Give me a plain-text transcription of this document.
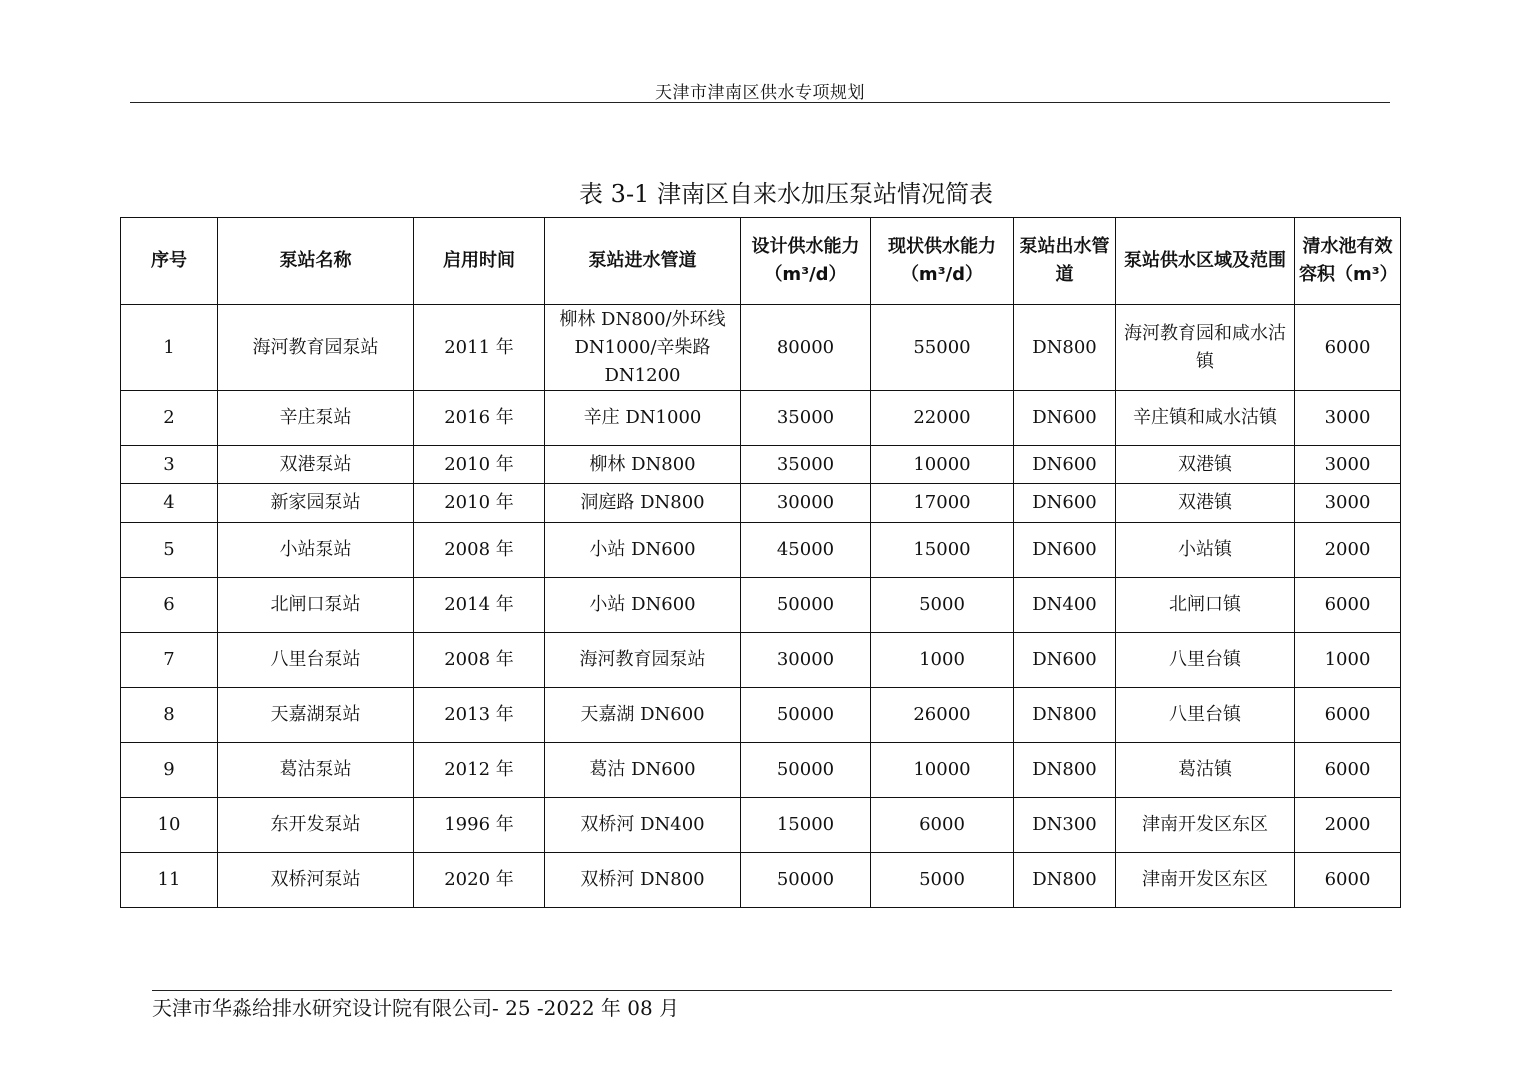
天津市津南区供水专项规划
表 3-1 津南区自来水加压泵站情况简表
序号	泵站名称	启用时间	泵站进水管道	设计供水能力（m³/d）	现状供水能力（m³/d）	泵站出水管道	泵站供水区域及范围	清水池有效容积（m³）
1	海河教育园泵站	2011 年	柳林 DN800/外环线DN1000/辛柴路DN1200	80000	55000	DN800	海河教育园和咸水沽镇	6000
2	辛庄泵站	2016 年	辛庄 DN1000	35000	22000	DN600	辛庄镇和咸水沽镇	3000
3	双港泵站	2010 年	柳林 DN800	35000	10000	DN600	双港镇	3000
4	新家园泵站	2010 年	洞庭路 DN800	30000	17000	DN600	双港镇	3000
5	小站泵站	2008 年	小站 DN600	45000	15000	DN600	小站镇	2000
6	北闸口泵站	2014 年	小站 DN600	50000	5000	DN400	北闸口镇	6000
7	八里台泵站	2008 年	海河教育园泵站	30000	1000	DN600	八里台镇	1000
8	天嘉湖泵站	2013 年	天嘉湖 DN600	50000	26000	DN800	八里台镇	6000
9	葛沽泵站	2012 年	葛沽 DN600	50000	10000	DN800	葛沽镇	6000
10	东开发泵站	1996 年	双桥河 DN400	15000	6000	DN300	津南开发区东区	2000
11	双桥河泵站	2020 年	双桥河 DN800	50000	5000	DN800	津南开发区东区	6000
天津市华淼给排水研究设计院有限公司- 25 -2022 年 08 月
